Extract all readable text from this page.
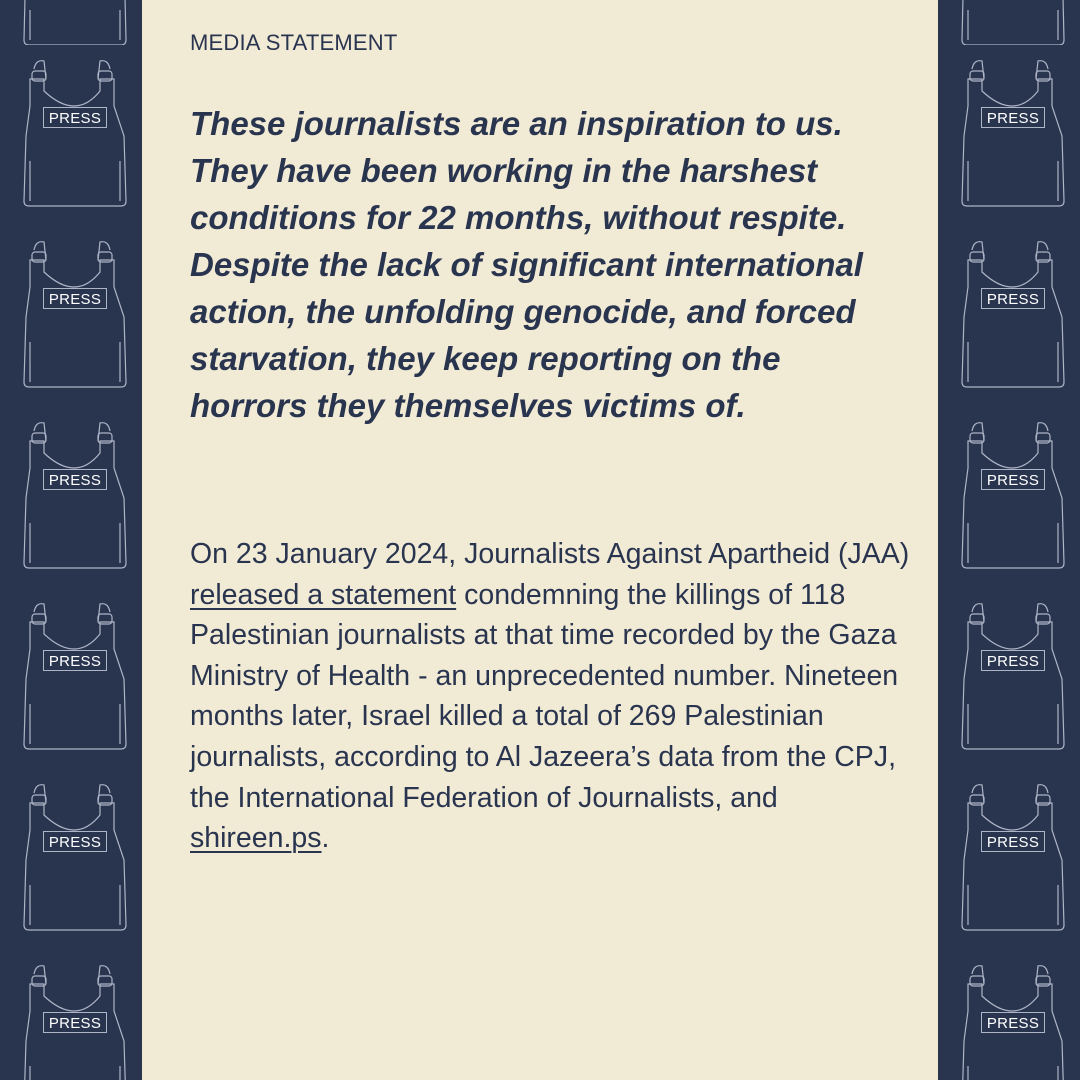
PRESS
PRESS
PRESS
PRESS
PRESS
PRESS
PRESS
PRESS
PRESS
PRESS
PRESS
PRESS
MEDIA STATEMENT

These journalists are an inspiration to us. They have been working in the harshest conditions for 22 months, without respite. Despite the lack of significant international action, the unfolding genocide, and forced starvation, they keep reporting on the horrors they themselves victims of.

On 23 January 2024, Journalists Against Apartheid (JAA) released a statement condemning the killings of 118 Palestinian journalists at that time recorded by the Gaza Ministry of Health - an unprecedented number. Nineteen months later, Israel killed a total of 269 Palestinian journalists, according to Al Jazeera’s data from the CPJ, the International Federation of Journalists, and shireen.ps.
